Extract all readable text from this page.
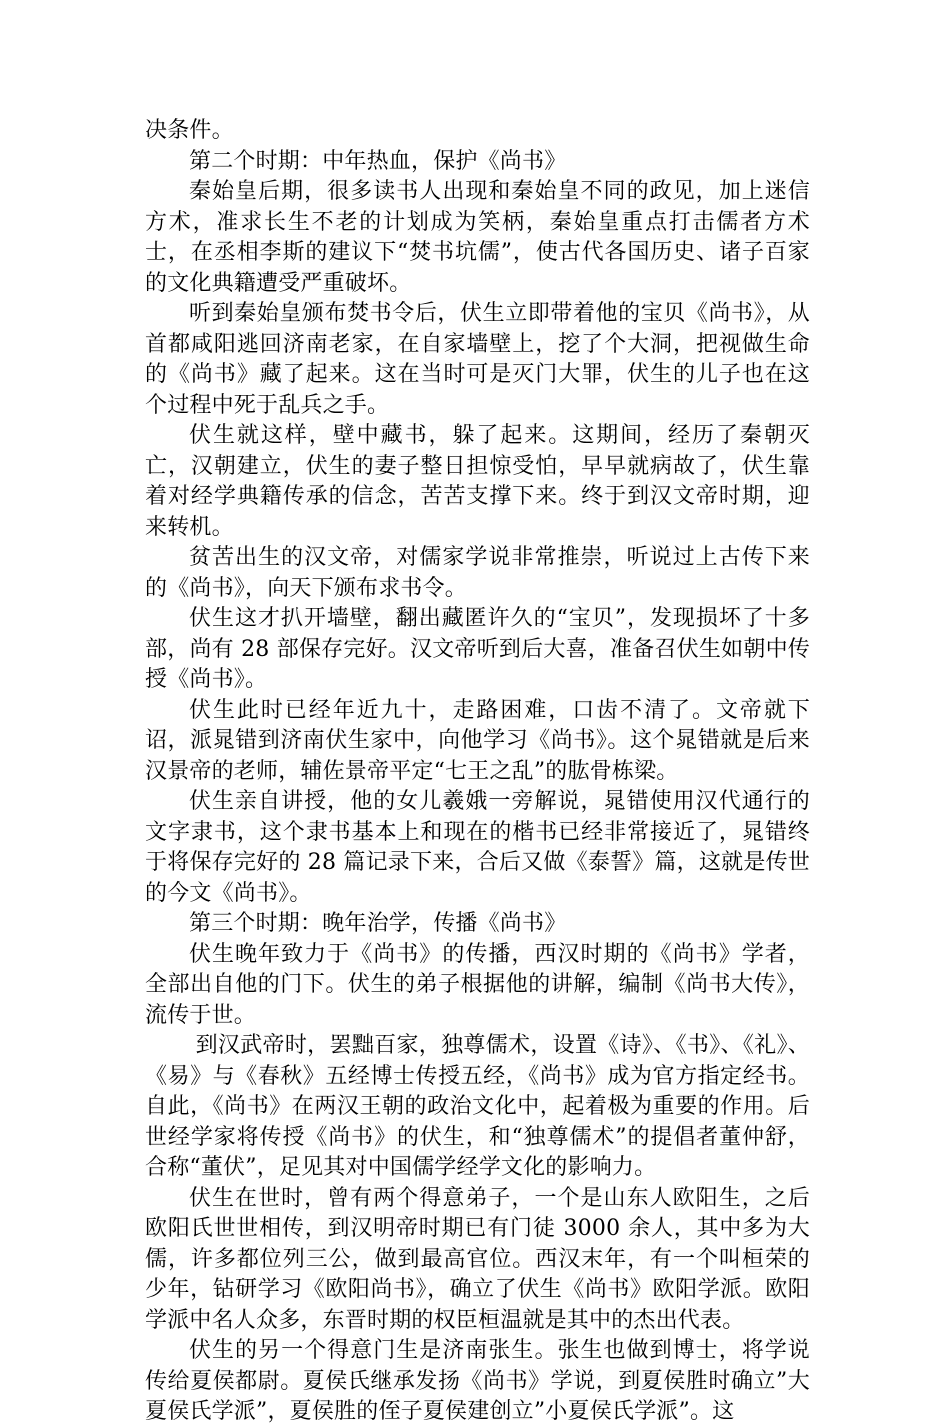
决条件。

第二个时期：中年热血，保护《尚书》

秦始皇后期，很多读书人出现和秦始皇不同的政见，加上迷信方术，准求长生不老的计划成为笑柄，秦始皇重点打击儒者方术士，在丞相李斯的建议下“焚书坑儒”，使古代各国历史、诸子百家的文化典籍遭受严重破坏。

听到秦始皇颁布焚书令后，伏生立即带着他的宝贝《尚书》，从首都咸阳逃回济南老家，在自家墙壁上，挖了个大洞，把视做生命的《尚书》藏了起来。这在当时可是灭门大罪，伏生的儿子也在这个过程中死于乱兵之手。

伏生就这样，壁中藏书，躲了起来。这期间，经历了秦朝灭亡，汉朝建立，伏生的妻子整日担惊受怕，早早就病故了，伏生靠着对经学典籍传承的信念，苦苦支撑下来。终于到汉文帝时期，迎来转机。

贫苦出生的汉文帝，对儒家学说非常推崇，听说过上古传下来的《尚书》，向天下颁布求书令。

伏生这才扒开墙壁，翻出藏匿许久的“宝贝”，发现损坏了十多部，尚有 28 部保存完好。汉文帝听到后大喜，准备召伏生如朝中传授《尚书》。

伏生此时已经年近九十，走路困难，口齿不清了。文帝就下诏，派晁错到济南伏生家中，向他学习《尚书》。这个晁错就是后来汉景帝的老师，辅佐景帝平定“七王之乱”的肱骨栋梁。

伏生亲自讲授，他的女儿羲娥一旁解说，晁错使用汉代通行的文字隶书，这个隶书基本上和现在的楷书已经非常接近了，晁错终于将保存完好的 28 篇记录下来，合后又做《泰誓》篇，这就是传世的今文《尚书》。

第三个时期：晚年治学，传播《尚书》

伏生晚年致力于《尚书》的传播，西汉时期的《尚书》学者，全部出自他的门下。伏生的弟子根据他的讲解，编制《尚书大传》，流传于世。

到汉武帝时，罢黜百家，独尊儒术，设置《诗》、《书》、《礼》、《易》与《春秋》五经博士传授五经，《尚书》成为官方指定经书。自此，《尚书》在两汉王朝的政治文化中，起着极为重要的作用。后世经学家将传授《尚书》的伏生，和“独尊儒术”的提倡者董仲舒，合称“董伏”，足见其对中国儒学经学文化的影响力。

伏生在世时，曾有两个得意弟子，一个是山东人欧阳生，之后欧阳氏世世相传，到汉明帝时期已有门徒 3000 余人，其中多为大儒，许多都位列三公，做到最高官位。西汉末年，有一个叫桓荣的少年，钻研学习《欧阳尚书》，确立了伏生《尚书》欧阳学派。欧阳学派中名人众多，东晋时期的权臣桓温就是其中的杰出代表。

伏生的另一个得意门生是济南张生。张生也做到博士，将学说传给夏侯都尉。夏侯氏继承发扬《尚书》学说，到夏侯胜时确立”大夏侯氏学派”，夏侯胜的侄子夏侯建创立”小夏侯氏学派”。这
